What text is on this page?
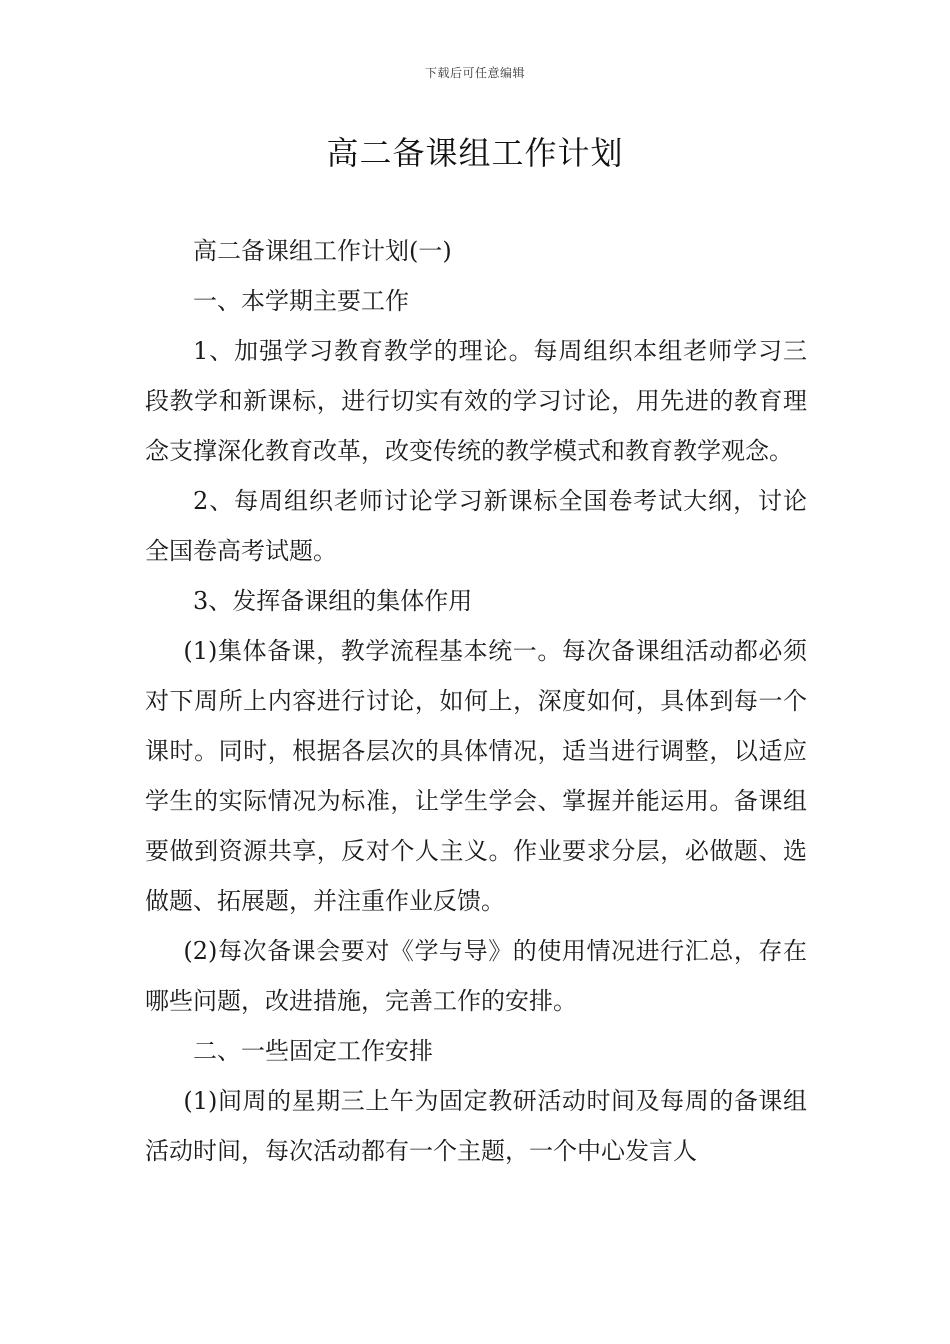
下载后可任意编辑
高二备课组工作计划

高二备课组工作计划(一)

一、本学期主要工作

1、加强学习教育教学的理论。每周组织本组老师学习三段教学和新课标，进行切实有效的学习讨论，用先进的教育理念支撑深化教育改革，改变传统的教学模式和教育教学观念。

2、每周组织老师讨论学习新课标全国卷考试大纲，讨论全国卷高考试题。

3、发挥备课组的集体作用

(1)集体备课，教学流程基本统一。每次备课组活动都必须对下周所上内容进行讨论，如何上，深度如何，具体到每一个课时。同时，根据各层次的具体情况，适当进行调整，以适应学生的实际情况为标准，让学生学会、掌握并能运用。备课组要做到资源共享，反对个人主义。作业要求分层，必做题、选做题、拓展题，并注重作业反馈。

(2)每次备课会要对《学与导》的使用情况进行汇总，存在哪些问题，改进措施，完善工作的安排。

二、一些固定工作安排

(1)间周的星期三上午为固定教研活动时间及每周的备课组活动时间，每次活动都有一个主题，一个中心发言人
